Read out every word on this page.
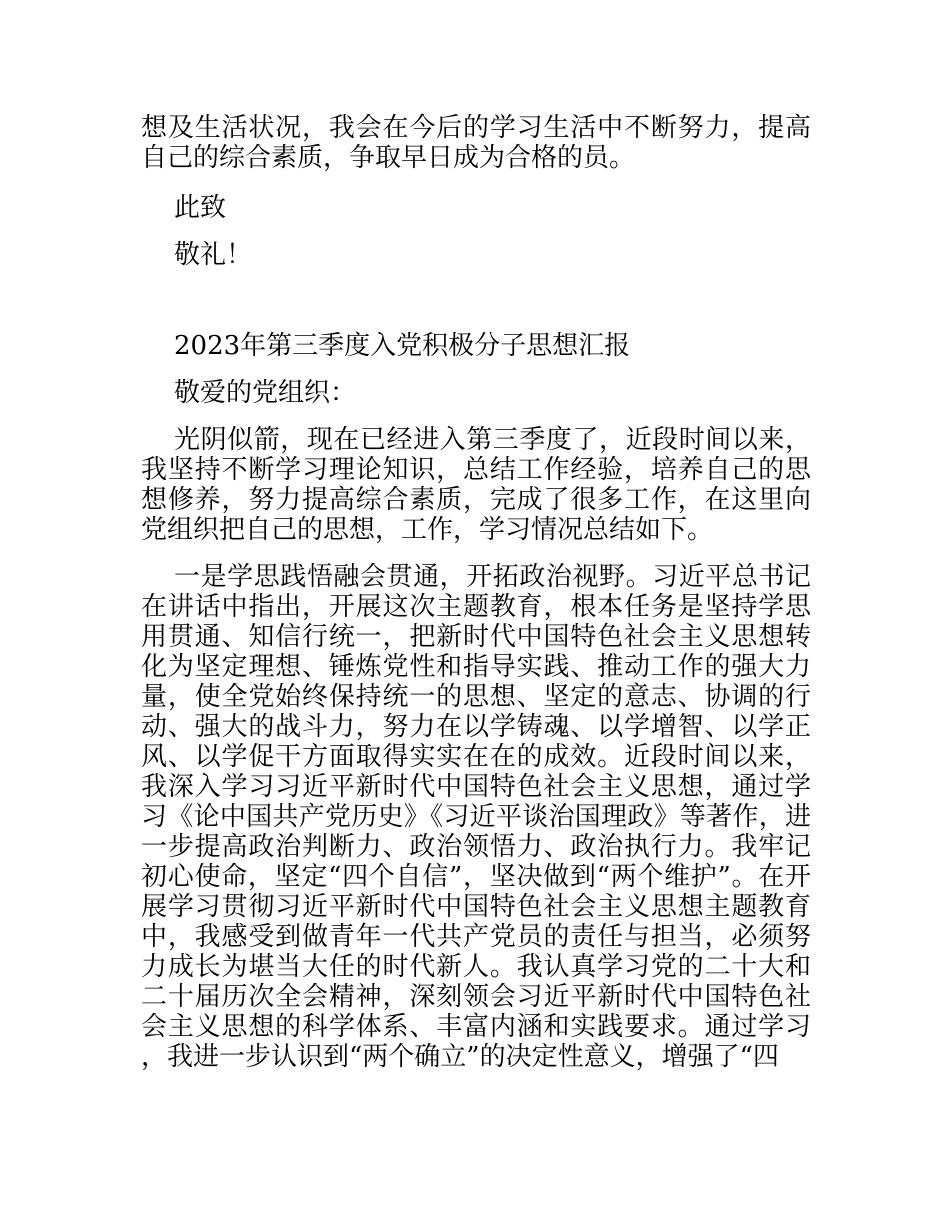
想及生活状况，我会在今后的学习生活中不断努力，提高自己的综合素质，争取早日成为合格的员。

此致

敬礼！

2023年第三季度入党积极分子思想汇报

敬爱的党组织：

光阴似箭，现在已经进入第三季度了，近段时间以来，我坚持不断学习理论知识，总结工作经验，培养自己的思想修养，努力提高综合素质，完成了很多工作，在这里向党组织把自己的思想，工作，学习情况总结如下。

一是学思践悟融会贯通，开拓政治视野。习近平总书记在讲话中指出，开展这次主题教育，根本任务是坚持学思用贯通、知信行统一，把新时代中国特色社会主义思想转化为坚定理想、锤炼党性和指导实践、推动工作的强大力量，使全党始终保持统一的思想、坚定的意志、协调的行动、强大的战斗力，努力在以学铸魂、以学增智、以学正风、以学促干方面取得实实在在的成效。近段时间以来，我深入学习习近平新时代中国特色社会主义思想，通过学习《论中国共产党历史》《习近平谈治国理政》等著作，进一步提高政治判断力、政治领悟力、政治执行力。我牢记初心使命，坚定“四个自信”，坚决做到“两个维护”。在开展学习贯彻习近平新时代中国特色社会主义思想主题教育中，我感受到做青年一代共产党员的责任与担当，必须努力成长为堪当大任的时代新人。我认真学习党的二十大和二十届历次全会精神，深刻领会习近平新时代中国特色社会主义思想的科学体系、丰富内涵和实践要求。通过学习，我进一步认识到“两个确立”的决定性意义，增强了“四
